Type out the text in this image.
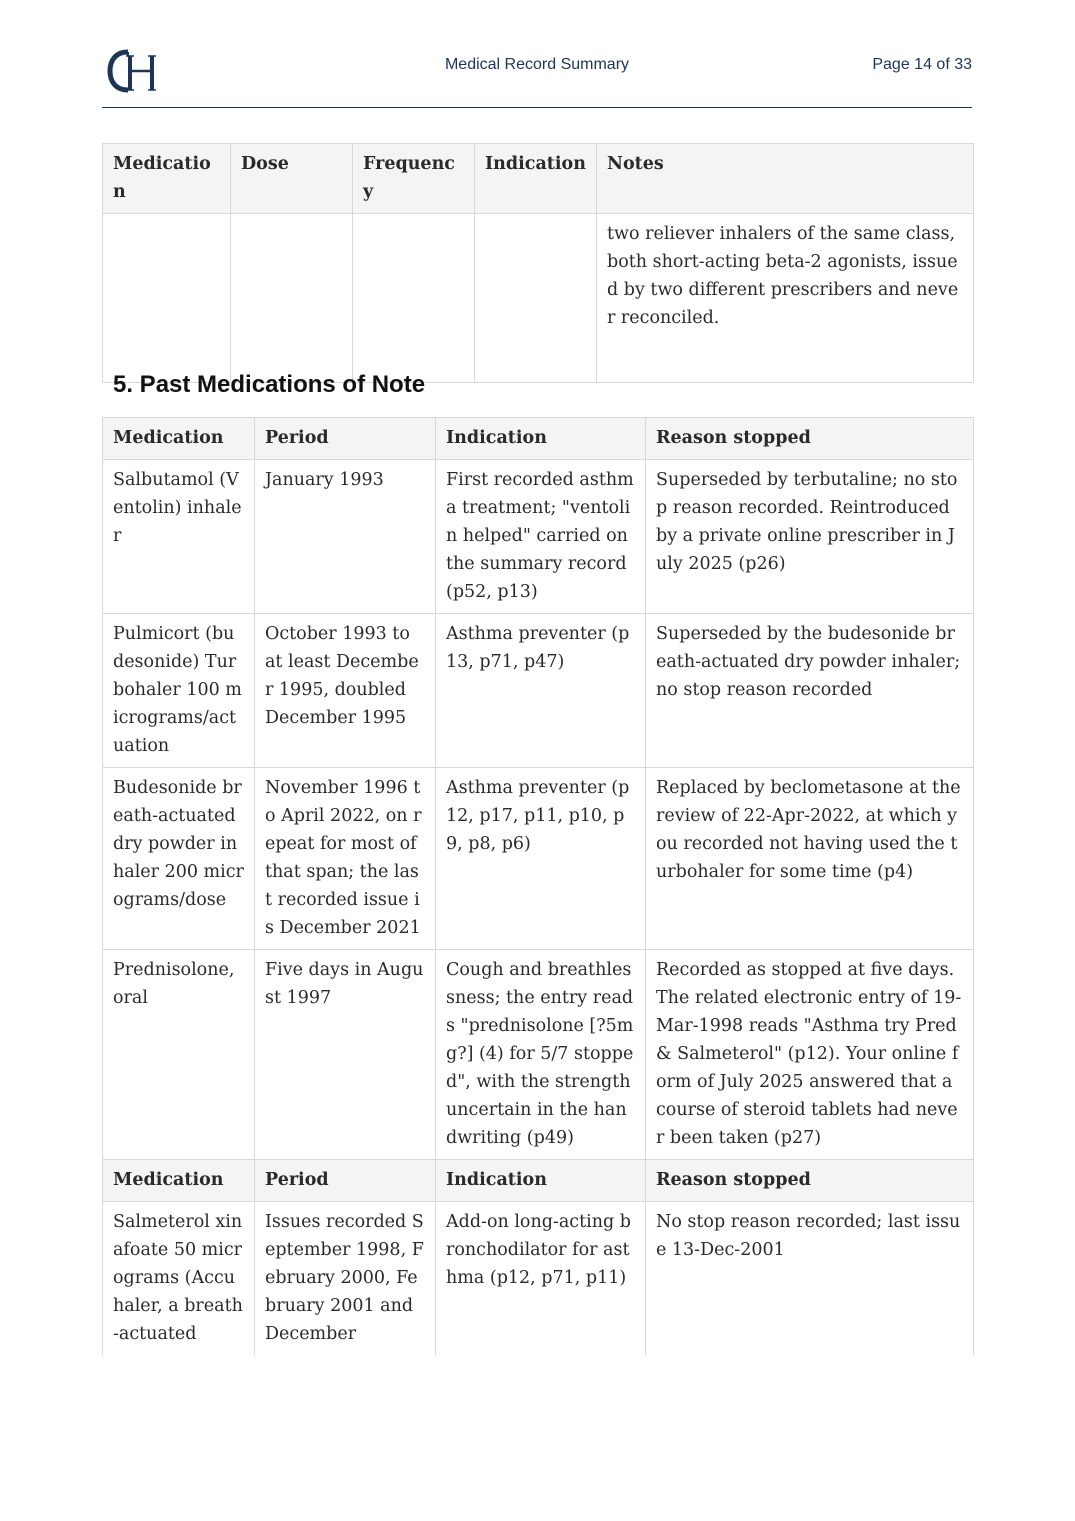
Medical Record Summary	Page 14 of 33
Medication	Dose	Frequency	Indication	Notes
				two reliever inhalers of the same class, both short-acting beta-2 agonists, issued by two different prescribers and never reconciled.
5. Past Medications of Note
Medication	Period	Indication	Reason stopped
Salbutamol (Ventolin) inhaler	January 1993	First recorded asthma treatment; "ventolin helped" carried on the summary record (p52, p13)	Superseded by terbutaline; no stop reason recorded. Reintroduced by a private online prescriber in July 2025 (p26)
Pulmicort (budesonide) Turbohaler 100 micrograms/actuation	October 1993 to at least December 1995, doubled December 1995	Asthma preventer (p13, p71, p47)	Superseded by the budesonide breath-actuated dry powder inhaler; no stop reason recorded
Budesonide breath-actuated dry powder inhaler 200 micrograms/dose	November 1996 to April 2022, on repeat for most of that span; the last recorded issue is December 2021	Asthma preventer (p12, p17, p11, p10, p9, p8, p6)	Replaced by beclometasone at the review of 22-Apr-2022, at which you recorded not having used the turbohaler for some time (p4)
Prednisolone, oral	Five days in August 1997	Cough and breathlessness; the entry reads "prednisolone [?5mg?] (4) for 5/7 stopped", with the strength uncertain in the handwriting (p49)	Recorded as stopped at five days. The related electronic entry of 19-Mar-1998 reads "Asthma try Pred & Salmeterol" (p12). Your online form of July 2025 answered that a course of steroid tablets had never been taken (p27)
Medication	Period	Indication	Reason stopped
Salmeterol xinafoate 50 micrograms (Accuhaler, a breath-actuated	Issues recorded September 1998, February 2000, February 2001 and December	Add-on long-acting bronchodilator for asthma (p12, p71, p11)	No stop reason recorded; last issue 13-Dec-2001
